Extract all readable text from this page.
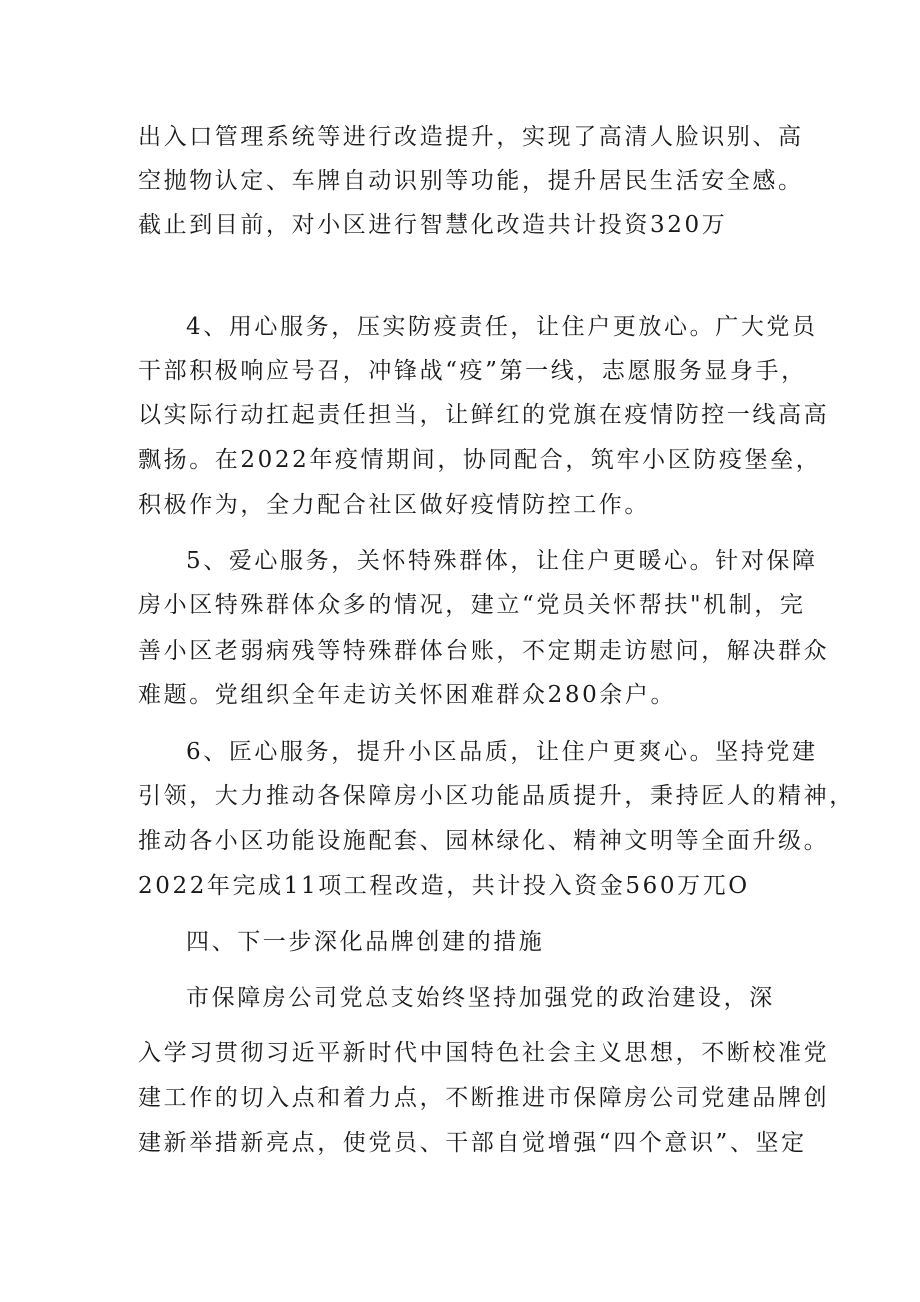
出入口管理系统等进行改造提升，实现了高清人脸识别、高
空抛物认定、车牌自动识别等功能，提升居民生活安全感。
截止到目前，对小区进行智慧化改造共计投资320万
4、用心服务，压实防疫责任，让住户更放心。广大党员
干部积极响应号召，冲锋战“疫”第一线，志愿服务显身手，
以实际行动扛起责任担当，让鲜红的党旗在疫情防控一线高高
飘扬。在2022年疫情期间，协同配合，筑牢小区防疫堡垒，
积极作为，全力配合社区做好疫情防控工作。
5、爱心服务，关怀特殊群体，让住户更暖心。针对保障
房小区特殊群体众多的情况，建立“党员关怀帮扶"机制，完
善小区老弱病残等特殊群体台账，不定期走访慰问，解决群众
难题。党组织全年走访关怀困难群众280余户。
6、匠心服务，提升小区品质，让住户更爽心。坚持党建
引领，大力推动各保障房小区功能品质提升，秉持匠人的精神，
推动各小区功能设施配套、园林绿化、精神文明等全面升级。
2022年完成11项工程改造，共计投入资金560万兀O
四、下一步深化品牌创建的措施
市保障房公司党总支始终坚持加强党的政治建设，深
入学习贯彻习近平新时代中国特色社会主义思想，不断校准党
建工作的切入点和着力点，不断推进市保障房公司党建品牌创
建新举措新亮点，使党员、干部自觉增强“四个意识”、坚定
